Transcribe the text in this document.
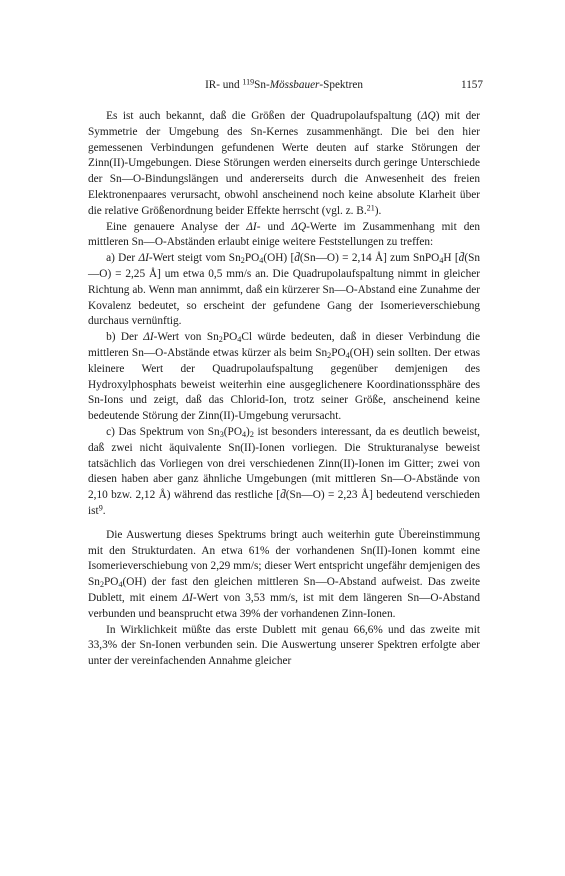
IR- und $^{119}$Sn-Mössbauer-Spektren	1157

Es ist auch bekannt, daß die Größen der Quadrupolaufspaltung (ΔQ) mit der Symmetrie der Umgebung des Sn-Kernes zusammenhängt. Die bei den hier gemessenen Verbindungen gefundenen Werte deuten auf starke Störungen der Zinn(II)-Umgebungen. Diese Störungen werden einerseits durch geringe Unterschiede der Sn—O-Bindungslängen und andererseits durch die Anwesenheit des freien Elektronenpaares verursacht, obwohl anscheinend noch keine absolute Klarheit über die relative Größenordnung beider Effekte herrscht (vgl. z. B.$^{21}$).

Eine genauere Analyse der ΔI- und ΔQ-Werte im Zusammenhang mit den mittleren Sn—O-Abständen erlaubt einige weitere Feststellungen zu treffen:

a) Der ΔI-Wert steigt vom $Sn_2PO_4(OH)$ [d̄(Sn—O) = 2,14 Å] zum SnPO$_4$H [d̄(Sn—O) = 2,25 Å] um etwa 0,5 mm/s an. Die Quadrupolaufspaltung nimmt in gleicher Richtung ab. Wenn man annimmt, daß ein kürzerer Sn—O-Abstand eine Zunahme der Kovalenz bedeutet, so erscheint der gefundene Gang der Isomerieverschiebung durchaus vernünftig.

b) Der ΔI-Wert von $Sn_2PO_4Cl$ würde bedeuten, daß in dieser Verbindung die mittleren Sn—O-Abstände etwas kürzer als beim $Sn_2PO_4(OH)$ sein sollten. Der etwas kleinere Wert der Quadrupolaufspaltung gegenüber demjenigen des Hydroxylphosphats beweist weiterhin eine ausgeglichenere Koordinationssphäre des Sn-Ions und zeigt, daß das Chlorid-Ion, trotz seiner Größe, anscheinend keine bedeutende Störung der Zinn(II)-Umgebung verursacht.

c) Das Spektrum von $Sn_3(PO_4)_2$ ist besonders interessant, da es deutlich beweist, daß zwei nicht äquivalente Sn(II)-Ionen vorliegen. Die Strukturanalyse beweist tatsächlich das Vorliegen von drei verschiedenen Zinn(II)-Ionen im Gitter; zwei von diesen haben aber ganz ähnliche Umgebungen (mit mittleren Sn—O-Abstände von 2,10 bzw. 2,12 Å) während das restliche [d̄(Sn—O) = 2,23 Å] bedeutend verschieden ist$^9$.

Die Auswertung dieses Spektrums bringt auch weiterhin gute Übereinstimmung mit den Strukturdaten. An etwa 61% der vorhandenen Sn(II)-Ionen kommt eine Isomerieverschiebung von 2,29 mm/s; dieser Wert entspricht ungefähr demjenigen des $Sn_2PO_4(OH)$ der fast den gleichen mittleren Sn—O-Abstand aufweist. Das zweite Dublett, mit einem ΔI-Wert von 3,53 mm/s, ist mit dem längeren Sn—O-Abstand verbunden und beansprucht etwa 39% der vorhandenen Zinn-Ionen.

In Wirklichkeit müßte das erste Dublett mit genau 66,6% und das zweite mit 33,3% der Sn-Ionen verbunden sein. Die Auswertung unserer Spektren erfolgte aber unter der vereinfachenden Annahme gleicher
